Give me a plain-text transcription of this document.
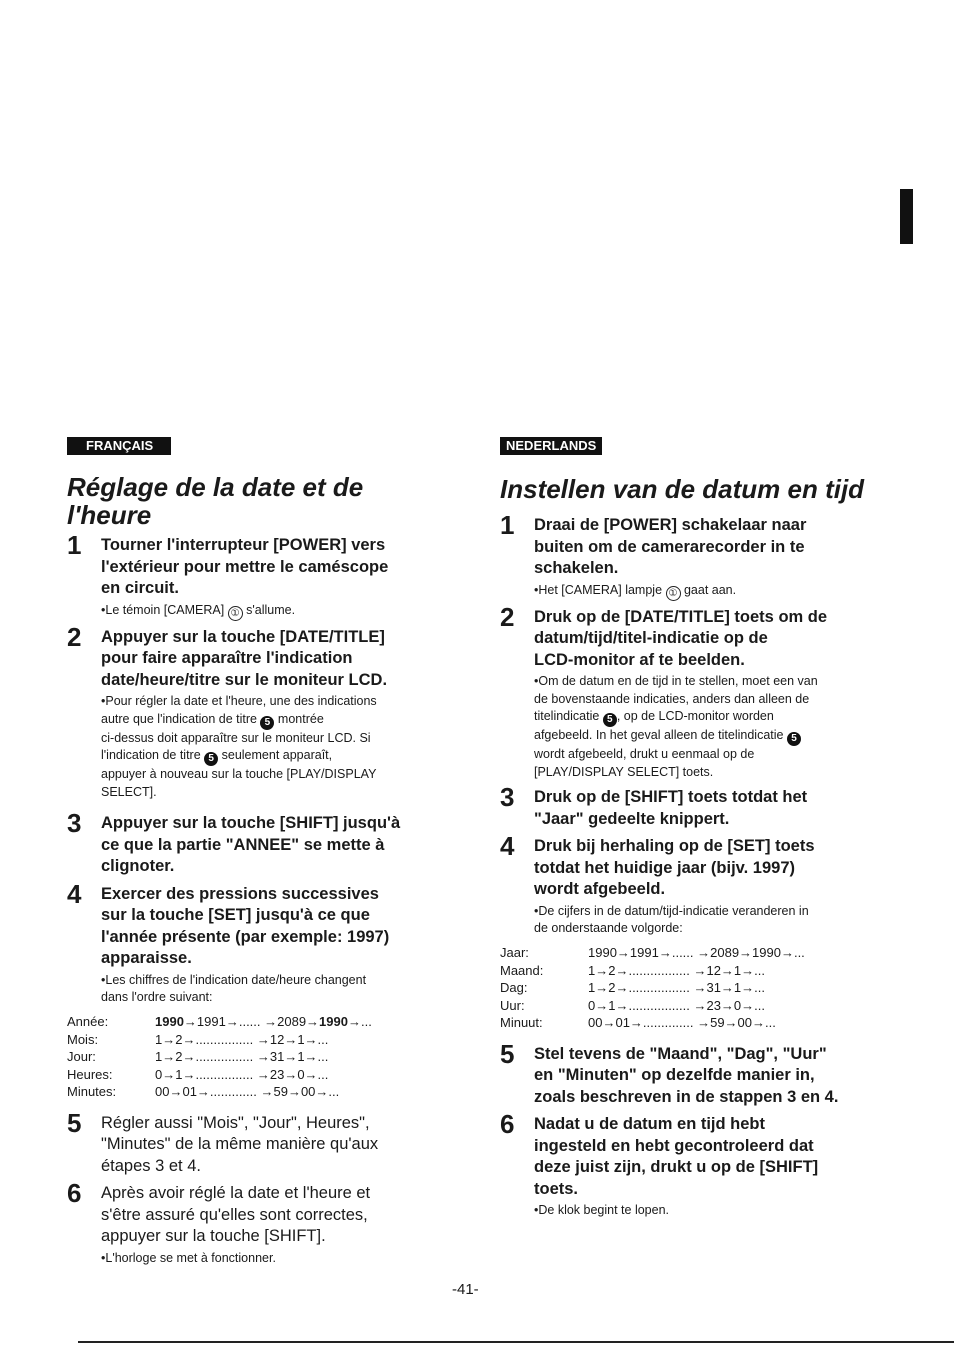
FRANÇAIS
Réglage de la date et de
l'heure
1 Tourner l'interrupteur [POWER] vers
l'extérieur pour mettre le caméscope
en circuit.
•Le témoin [CAMERA] ① s'allume.
2 Appuyer sur la touche [DATE/TITLE]
pour faire apparaître l'indication
date/heure/titre sur le moniteur LCD.
•Pour régler la date et l'heure, une des indications
autre que l'indication de titre 5 montrée
ci-dessus doit apparaître sur le moniteur LCD. Si
l'indication de titre 5 seulement apparaît,
appuyer à nouveau sur la touche [PLAY/DISPLAY
SELECT].
3 Appuyer sur la touche [SHIFT] jusqu'à
ce que la partie "ANNEE" se mette à
clignoter.
4 Exercer des pressions successives
sur la touche [SET] jusqu'à ce que
l'année présente (par exemple: 1997)
apparaisse.
•Les chiffres de l'indication date/heure changent
dans l'ordre suivant:
Année:	1990→1991→...... →2089→1990→...
Mois:	1→2→................ →12→1→...
Jour:	1→2→................ →31→1→...
Heures:	0→1→................ →23→0→...
Minutes:	00→01→............. →59→00→...
5 Régler aussi "Mois", "Jour", Heures",
"Minutes" de la même manière qu'aux
étapes 3 et 4.
6 Après avoir réglé la date et l'heure et
s'être assuré qu'elles sont correctes,
appuyer sur la touche [SHIFT].
•L'horloge se met à fonctionner.
NEDERLANDS
Instellen van de datum en tijd
1 Draai de [POWER] schakelaar naar
buiten om de camerarecorder in te
schakelen.
•Het [CAMERA] lampje ① gaat aan.
2 Druk op de [DATE/TITLE] toets om de
datum/tijd/titel-indicatie op de
LCD-monitor af te beelden.
•Om de datum en de tijd in te stellen, moet een van
de bovenstaande indicaties, anders dan alleen de
titelindicatie 5 , op de LCD-monitor worden
afgebeeld. In het geval alleen de titelindicatie 5
wordt afgebeeld, drukt u eenmaal op de
[PLAY/DISPLAY SELECT] toets.
3 Druk op de [SHIFT] toets totdat het
"Jaar" gedeelte knippert.
4 Druk bij herhaling op de [SET] toets
totdat het huidige jaar (bijv. 1997)
wordt afgebeeld.
•De cijfers in de datum/tijd-indicatie veranderen in
de onderstaande volgorde:
Jaar:	1990→1991→...... →2089→1990→...
Maand:	1→2→................. →12→1→...
Dag:	1→2→................. →31→1→...
Uur:	0→1→................. →23→0→...
Minuut:	00→01→.............. →59→00→...
5 Stel tevens de "Maand", "Dag", "Uur"
en "Minuten" op dezelfde manier in,
zoals beschreven in de stappen 3 en 4.
6 Nadat u de datum en tijd hebt
ingesteld en hebt gecontroleerd dat
deze juist zijn, drukt u op de [SHIFT]
toets.
•De klok begint te lopen.
-41-
